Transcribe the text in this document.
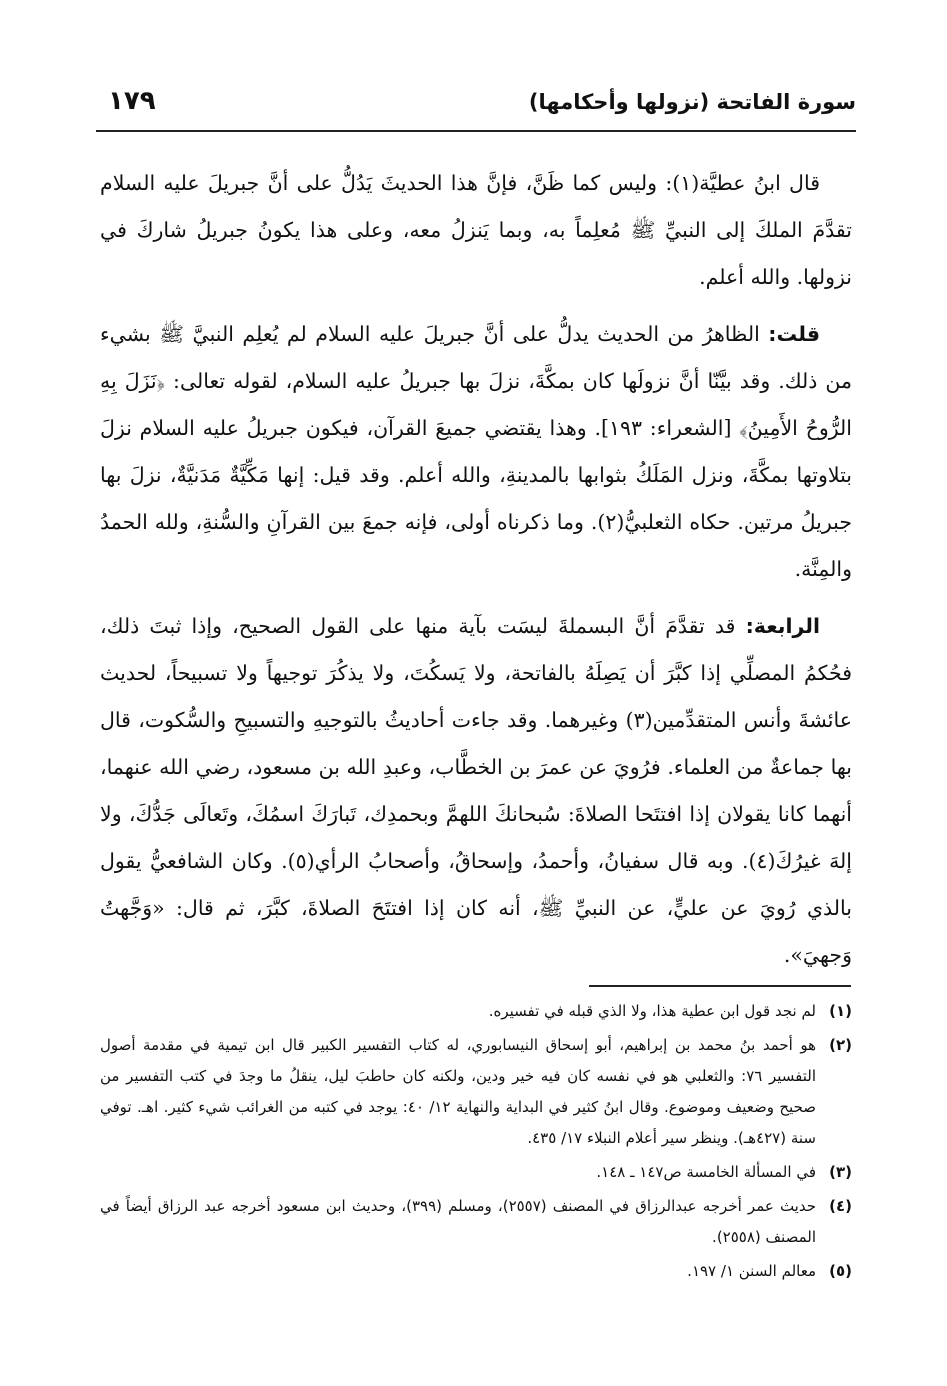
سورة الفاتحة (نزولها وأحكامها)
١٧٩

قال ابنُ عطيَّة(١): وليس كما ظَنَّ، فإنَّ هذا الحديثَ يَدُلُّ على أنَّ جبريلَ عليه السلام تقدَّمَ الملكَ إلى النبيِّ ﷺ مُعلِماً به، وبما يَنزلُ معه، وعلى هذا يكونُ جبريلُ شاركَ في نزولها. والله أعلم.

قلت: الظاهرُ من الحديث يدلُّ على أنَّ جبريلَ عليه السلام لم يُعلِم النبيَّ ﷺ بشيء من ذلك. وقد بيَّنّا أنَّ نزولَها كان بمكَّةَ، نزلَ بها جبريلُ عليه السلام، لقوله تعالى: ﴿نَزَلَ بِهِ الرُّوحُ الأَمِينُ﴾ [الشعراء: ١٩٣]. وهذا يقتضي جميعَ القرآن، فيكون جبريلُ عليه السلام نزلَ بتلاوتها بمكَّةَ، ونزل المَلَكُ بثوابها بالمدينةِ، والله أعلم. وقد قيل: إنها مَكِّيَّةٌ مَدَنيَّةٌ، نزلَ بها جبريلُ مرتين. حكاه الثعلبيُّ(٢). وما ذكرناه أولى، فإنه جمعَ بين القرآنِ والسُّنةِ، ولله الحمدُ والمِنَّة.

الرابعة: قد تقدَّمَ أنَّ البسملةَ ليسَت بآية منها على القول الصحيح، وإذا ثبتَ ذلك، فحُكمُ المصلِّي إذا كبَّرَ أن يَصِلَهُ بالفاتحة، ولا يَسكُتَ، ولا يذكُرَ توجيهاً ولا تسبيحاً، لحديث عائشةَ وأنس المتقدِّمين(٣) وغيرهما. وقد جاءت أحاديثُ بالتوجيهِ والتسبيحِ والسُّكوت، قال بها جماعةٌ من العلماء. فرُويَ عن عمرَ بن الخطَّاب، وعبدِ الله بن مسعود، رضي الله عنهما، أنهما كانا يقولان إذا افتتَحا الصلاةَ: سُبحانكَ اللهمَّ وبحمدِك، تَبارَكَ اسمُكَ، وتَعالَى جَدُّكَ، ولا إلهَ غيرُكَ(٤). وبه قال سفيانُ، وأحمدُ، وإسحاقُ، وأصحابُ الرأي(٥). وكان الشافعيُّ يقول بالذي رُويَ عن عليٍّ، عن النبيِّ ﷺ، أنه كان إذا افتتَحَ الصلاةَ، كبَّرَ، ثم قال: «وَجَّهتُ وَجهيَ».

(١)
لم نجد قول ابن عطية هذا، ولا الذي قبله في تفسيره.
(٢)
هو أحمد بنُ محمد بن إبراهيم، أبو إسحاق النيسابوري، له كتاب التفسير الكبير قال ابن تيمية في مقدمة أصول التفسير ٧٦: والثعلبي هو في نفسه كان فيه خير ودين، ولكنه كان حاطبَ ليل، ينقلُ ما وجدَ في كتب التفسير من صحيح وضعيف وموضوع. وقال ابنُ كثير في البداية والنهاية ١٢/ ٤٠: يوجد في كتبه من الغرائب شيء كثير. اهـ. توفي سنة (٤٢٧هـ). وينظر سير أعلام النبلاء ١٧/ ٤٣٥.
(٣)
في المسألة الخامسة ص١٤٧ ـ ١٤٨.
(٤)
حديث عمر أخرجه عبدالرزاق في المصنف (٢٥٥٧)، ومسلم (٣٩٩)، وحديث ابن مسعود أخرجه عبد الرزاق أيضاً في المصنف (٢٥٥٨).
(٥)
معالم السنن ١/ ١٩٧.
